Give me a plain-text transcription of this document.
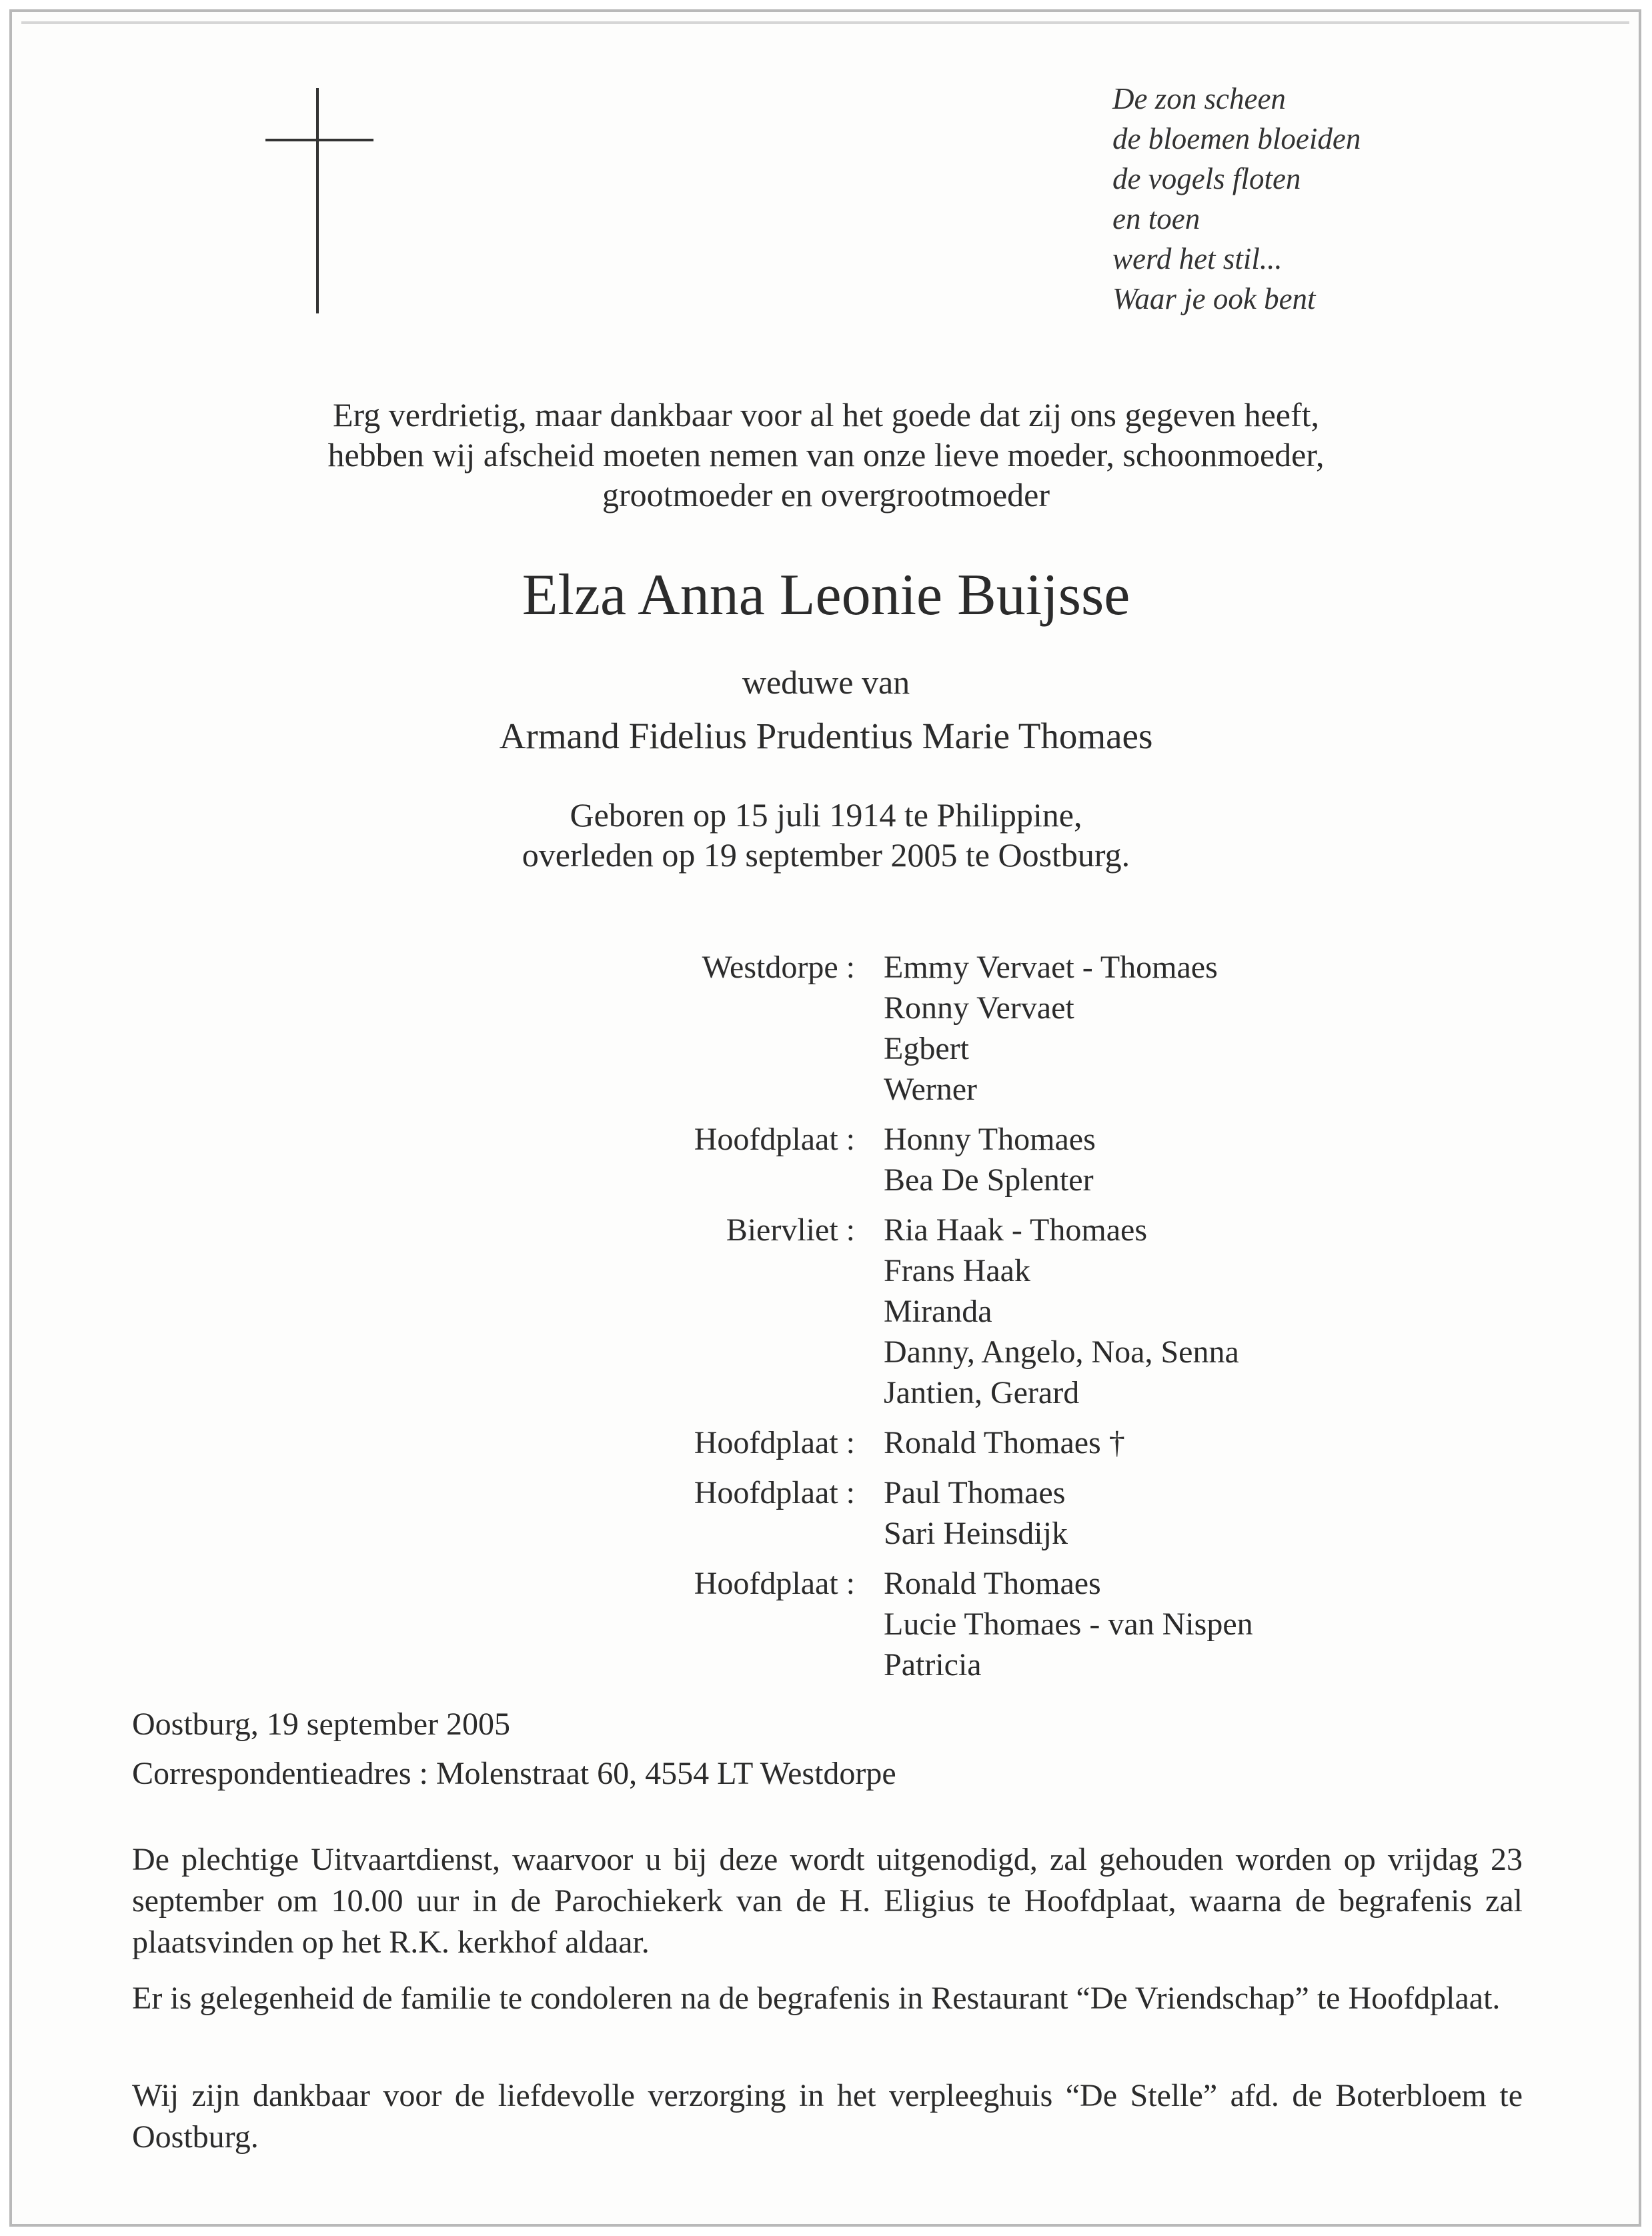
De zon scheen
de bloemen bloeiden
de vogels floten
en toen
werd het stil...
Waar je ook bent
Erg verdrietig, maar dankbaar voor al het goede dat zij ons gegeven heeft,
hebben wij afscheid moeten nemen van onze lieve moeder, schoonmoeder,
grootmoeder en overgrootmoeder
Elza Anna Leonie Buijsse
weduwe van
Armand Fidelius Prudentius Marie Thomaes
Geboren op 15 juli 1914 te Philippine,
overleden op 19 september 2005 te Oostburg.
Westdorpe : Emmy Vervaet - Thomaes
Ronny Vervaet
Egbert
Werner
Hoofdplaat : Honny Thomaes
Bea De Splenter
Biervliet : Ria Haak - Thomaes
Frans Haak
Miranda
Danny, Angelo, Noa, Senna
Jantien, Gerard
Hoofdplaat : Ronald Thomaes †
Hoofdplaat : Paul Thomaes
Sari Heinsdijk
Hoofdplaat : Ronald Thomaes
Lucie Thomaes - van Nispen
Patricia
Oostburg, 19 september 2005
Correspondentieadres : Molenstraat 60, 4554 LT Westdorpe
De plechtige Uitvaartdienst, waarvoor u bij deze wordt uitgenodigd, zal gehouden worden op vrijdag 23 september om 10.00 uur in de Parochiekerk van de H. Eligius te Hoofdplaat, waarna de begrafenis zal plaatsvinden op het R.K. kerkhof aldaar.
Er is gelegenheid de familie te condoleren na de begrafenis in Restaurant “De Vriendschap” te Hoofdplaat.
Wij zijn dankbaar voor de liefdevolle verzorging in het verpleeghuis “De Stelle” afd. de Boterbloem te Oostburg.
